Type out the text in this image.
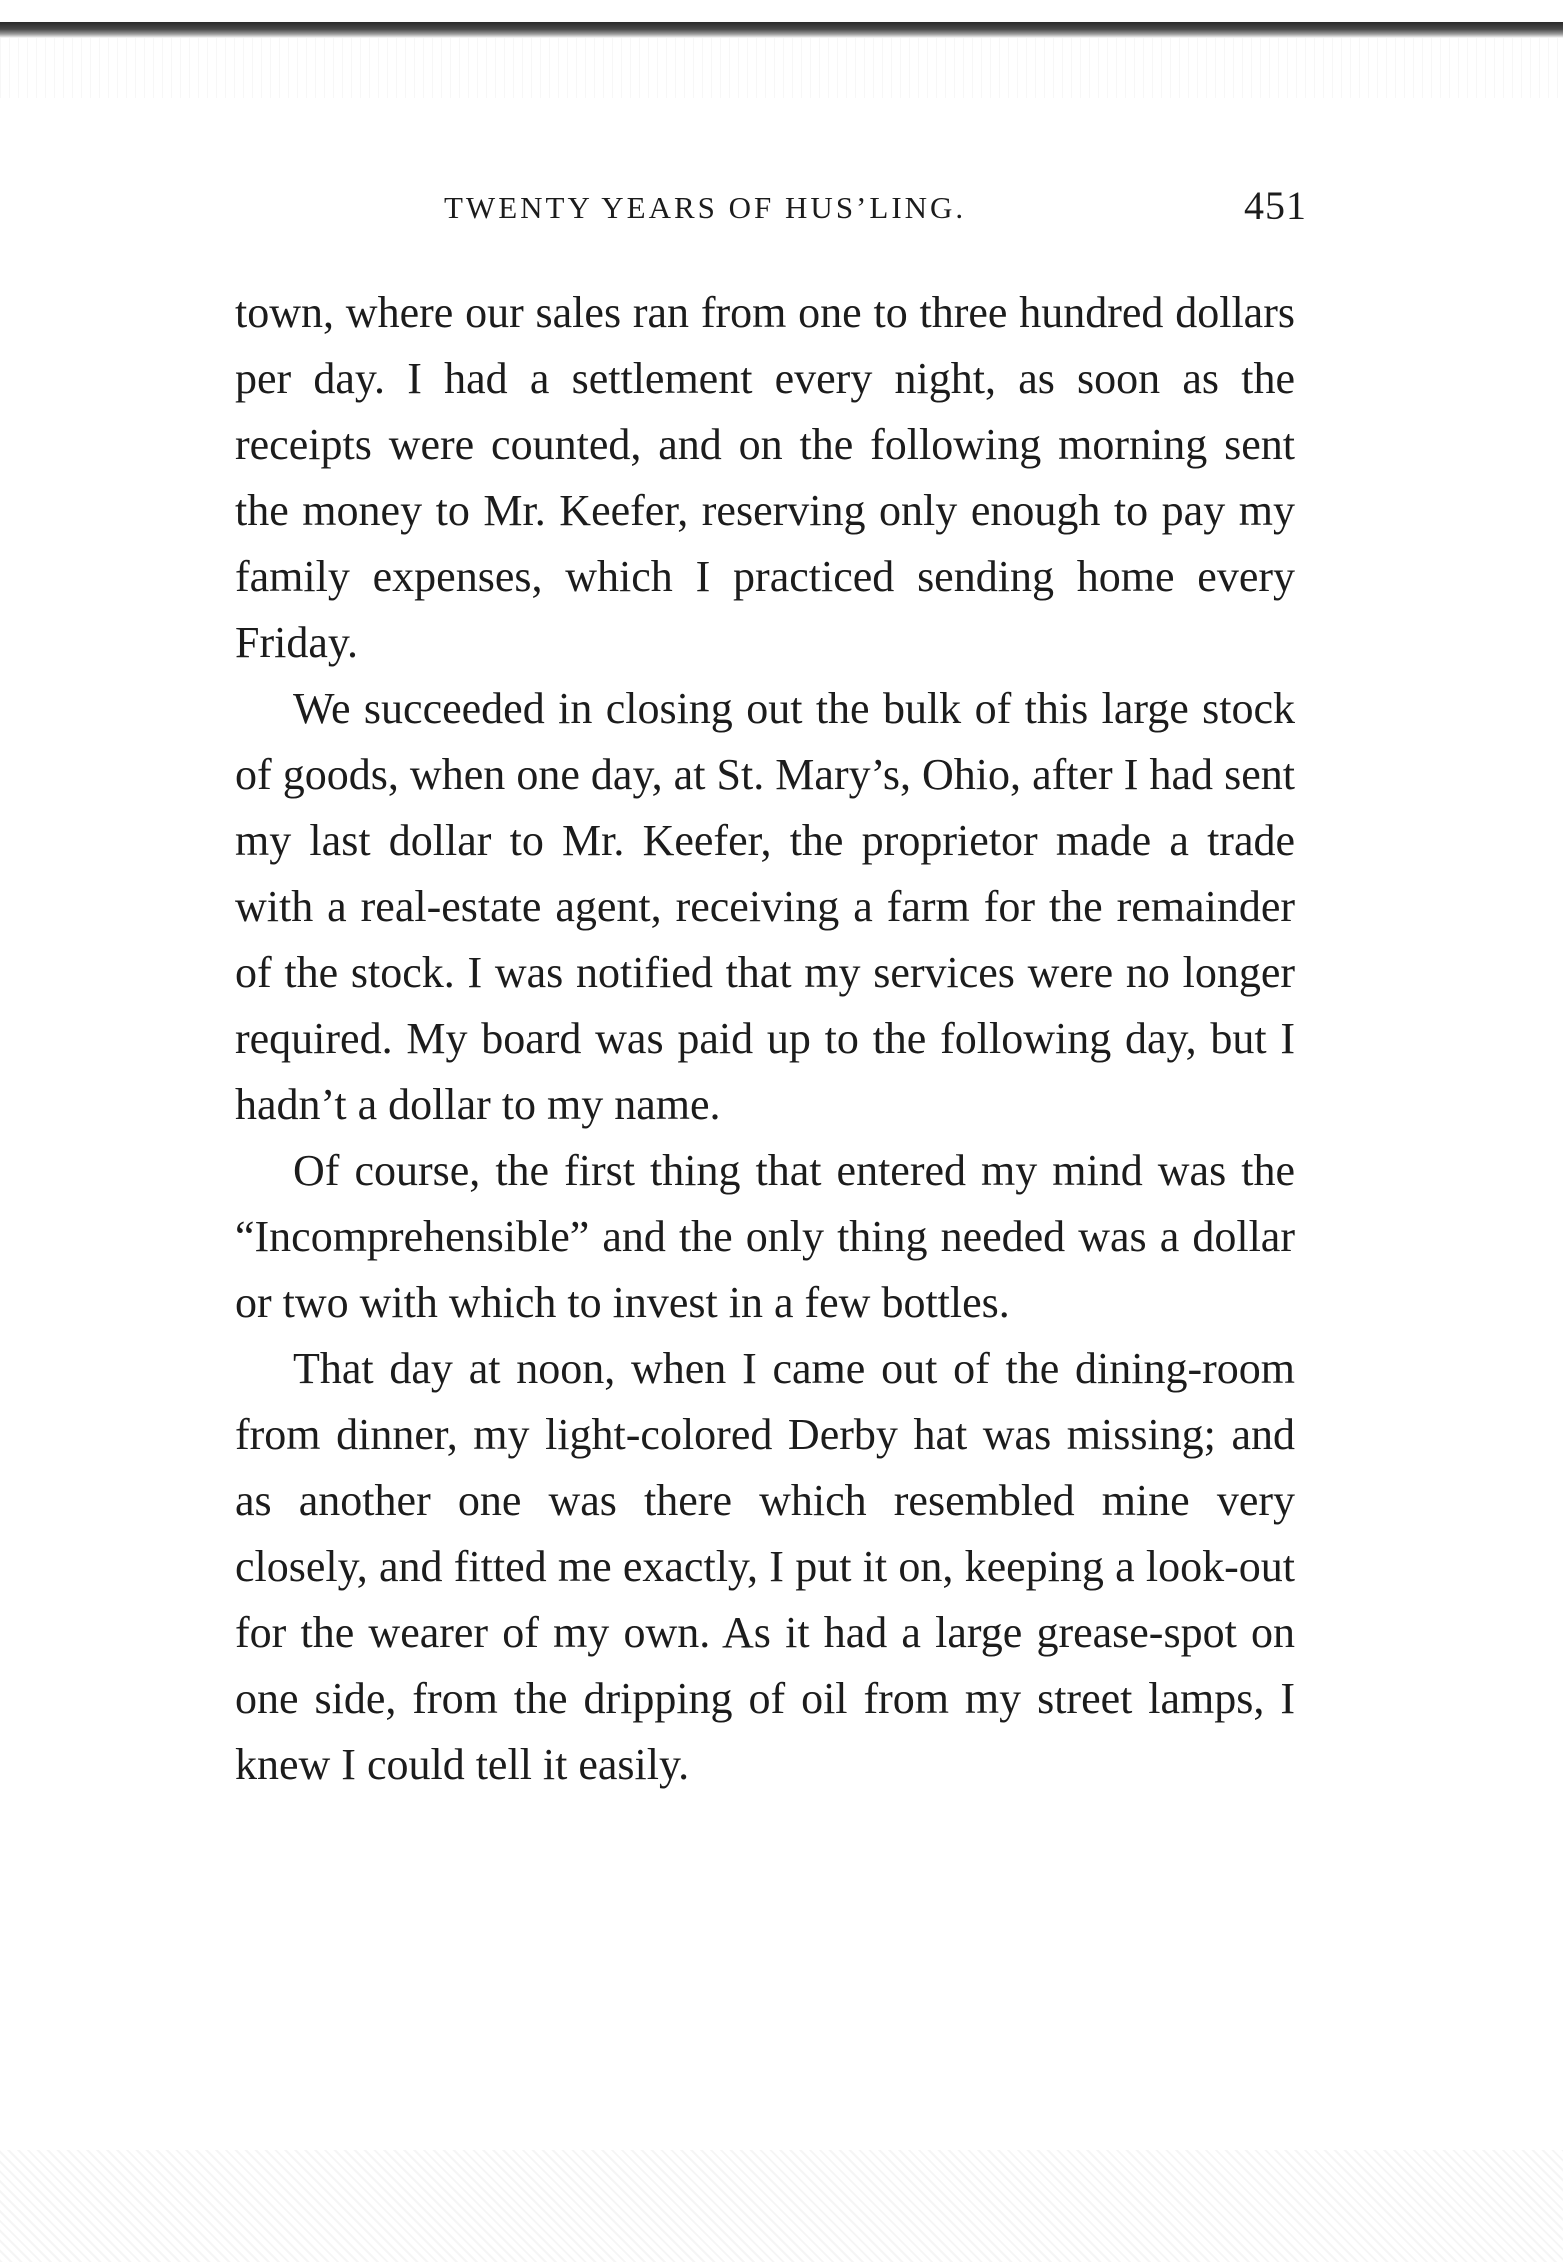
TWENTY YEARS OF HUS’LING.	451

town, where our sales ran from one to three hundred dollars per day. I had a settlement every night, as soon as the receipts were counted, and on the following morning sent the money to Mr. Keefer, reserving only enough to pay my family expenses, which I practiced sending home every Friday.

We succeeded in closing out the bulk of this large stock of goods, when one day, at St. Mary’s, Ohio, after I had sent my last dollar to Mr. Keefer, the proprietor made a trade with a real-estate agent, receiving a farm for the remainder of the stock. I was notified that my services were no longer required. My board was paid up to the following day, but I hadn’t a dollar to my name.

Of course, the first thing that entered my mind was the “Incomprehensible” and the only thing needed was a dollar or two with which to invest in a few bottles.

That day at noon, when I came out of the dining-room from dinner, my light-colored Derby hat was missing; and as another one was there which resembled mine very closely, and fitted me exactly, I put it on, keeping a look-out for the wearer of my own. As it had a large grease-spot on one side, from the dripping of oil from my street lamps, I knew I could tell it easily.
